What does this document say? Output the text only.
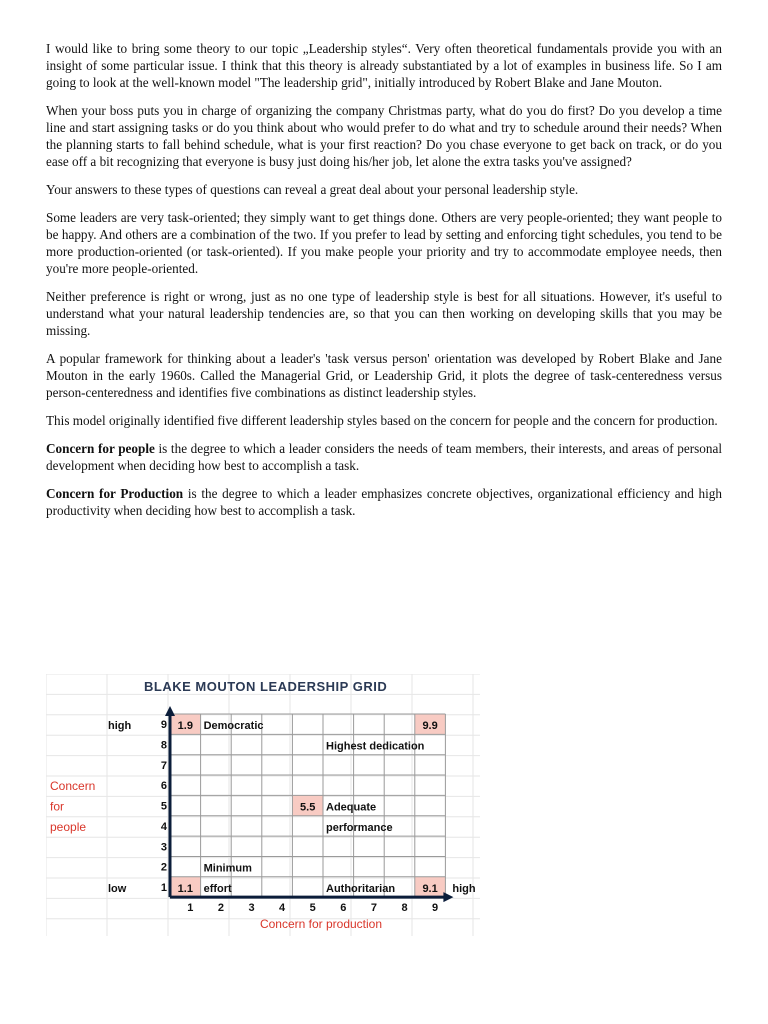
I would like to bring some theory to our topic „Leadership styles“. Very often theoretical fundamentals provide you with an insight of some particular issue. I think that this theory is already substantiated by a lot of examples in business life. So I am going to look at the well-known model "The leadership grid", initially introduced by Robert Blake and Jane Mouton.

When your boss puts you in charge of organizing the company Christmas party, what do you do first? Do you develop a time line and start assigning tasks or do you think about who would prefer to do what and try to schedule around their needs? When the planning starts to fall behind schedule, what is your first reaction? Do you chase everyone to get back on track, or do you ease off a bit recognizing that everyone is busy just doing his/her job, let alone the extra tasks you've assigned?

Your answers to these types of questions can reveal a great deal about your personal leadership style.

Some leaders are very task-oriented; they simply want to get things done. Others are very people-oriented; they want people to be happy. And others are a combination of the two. If you prefer to lead by setting and enforcing tight schedules, you tend to be more production-oriented (or task-oriented). If you make people your priority and try to accommodate employee needs, then you're more people-oriented.

Neither preference is right or wrong, just as no one type of leadership style is best for all situations. However, it's useful to understand what your natural leadership tendencies are, so that you can then working on developing skills that you may be missing.

A popular framework for thinking about a leader's 'task versus person' orientation was developed by Robert Blake and Jane Mouton in the early 1960s. Called the Managerial Grid, or Leadership Grid, it plots the degree of task-centeredness versus person-centeredness and identifies five combinations as distinct leadership styles.

This model originally identified five different leadership styles based on the concern for people and the concern for production.

Concern for people is the degree to which a leader considers the needs of team members, their interests, and areas of personal development when deciding how best to accomplish a task.

Concern for Production is the degree to which a leader emphasizes concrete objectives, organizational efficiency and high productivity when deciding how best to accomplish a task.

BLAKE MOUTON LEADERSHIP GRID
9
8
7
6
5
4
3
2
1
1 2 3 4 5 6 7 8 9
high
low	high
Concern
for
people
Concern for production
1.9 Democratic	9.9
Highest dedication
5.5 Adequate
performance
1.1
Minimum
effort	9.1
Authoritarian
